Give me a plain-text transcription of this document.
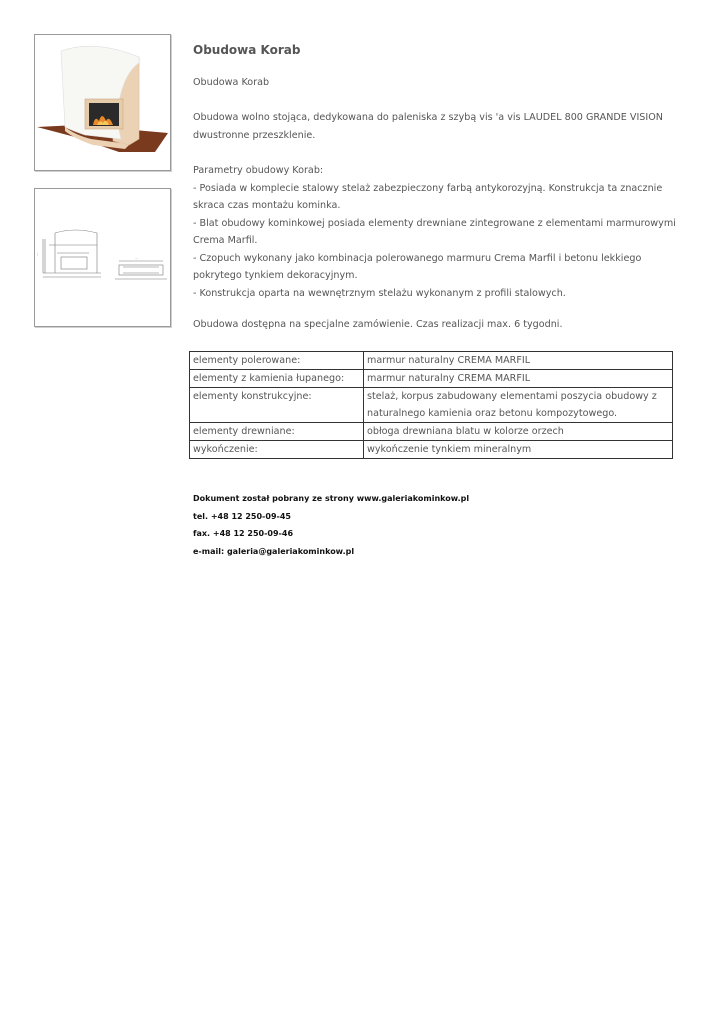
|
—
Obudowa Korab

Obudowa Korab

Obudowa wolno stojąca, dedykowana do paleniska z szybą vis 'a vis LAUDEL 800 GRANDE VISION dwustronne przeszklenie.

Parametry obudowy Korab:
- Posiada w komplecie stalowy stelaż zabezpieczony farbą antykorozyjną. Konstrukcja ta znacznie skraca czas montażu kominka.
- Blat obudowy kominkowej posiada elementy drewniane zintegrowane z elementami marmurowymi Crema Marfil.
- Czopuch wykonany jako kombinacja polerowanego marmuru Crema Marfil i betonu lekkiego pokrytego tynkiem dekoracyjnym.
- Konstrukcja oparta na wewnętrznym stelażu wykonanym z profili stalowych.

Obudowa dostępna na specjalne zamówienie. Czas realizacji max. 6 tygodni.

elementy polerowane:	marmur naturalny CREMA MARFIL
elementy z kamienia łupanego:	marmur naturalny CREMA MARFIL
elementy konstrukcyjne:	stelaż, korpus zabudowany elementami poszycia obudowy z naturalnego kamienia oraz betonu kompozytowego.
elementy drewniane:	obłoga drewniana blatu w kolorze orzech
wykończenie:	wykończenie tynkiem mineralnym
Dokument został pobrany ze strony www.galeriakominkow.pl
tel. +48 12 250-09-45
fax. +48 12 250-09-46
e-mail: galeria@galeriakominkow.pl
